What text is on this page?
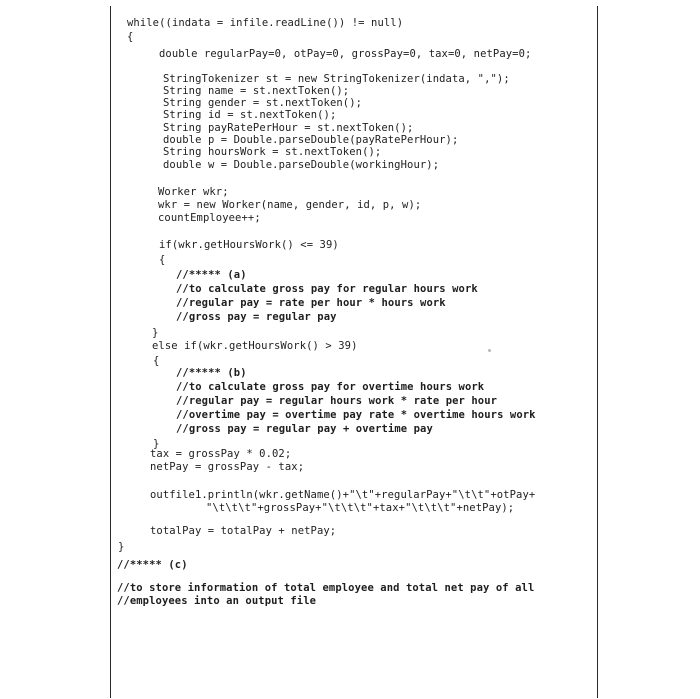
while((indata = infile.readLine()) != null)
{
double regularPay=0, otPay=0, grossPay=0, tax=0, netPay=0;
StringTokenizer st = new StringTokenizer(indata, ",");
String name = st.nextToken();
String gender = st.nextToken();
String id = st.nextToken();
String payRatePerHour = st.nextToken();
double p = Double.parseDouble(payRatePerHour);
String hoursWork = st.nextToken();
double w = Double.parseDouble(workingHour);
Worker wkr;
wkr = new Worker(name, gender, id, p, w);
countEmployee++;
if(wkr.getHoursWork() <= 39)
{
//***** (a)
//to calculate gross pay for regular hours work
//regular pay = rate per hour * hours work
//gross pay = regular pay
}
else if(wkr.getHoursWork() > 39)
{
//***** (b)
//to calculate gross pay for overtime hours work
//regular pay = regular hours work * rate per hour
//overtime pay = overtime pay rate * overtime hours work
//gross pay = regular pay + overtime pay
}
tax = grossPay * 0.02;
netPay = grossPay - tax;
outfile1.println(wkr.getName()+"\t"+regularPay+"\t\t"+otPay+
"\t\t\t"+grossPay+"\t\t\t"+tax+"\t\t\t"+netPay);
totalPay = totalPay + netPay;
}
//***** (c)
//to store information of total employee and total net pay of all
//employees into an output file
